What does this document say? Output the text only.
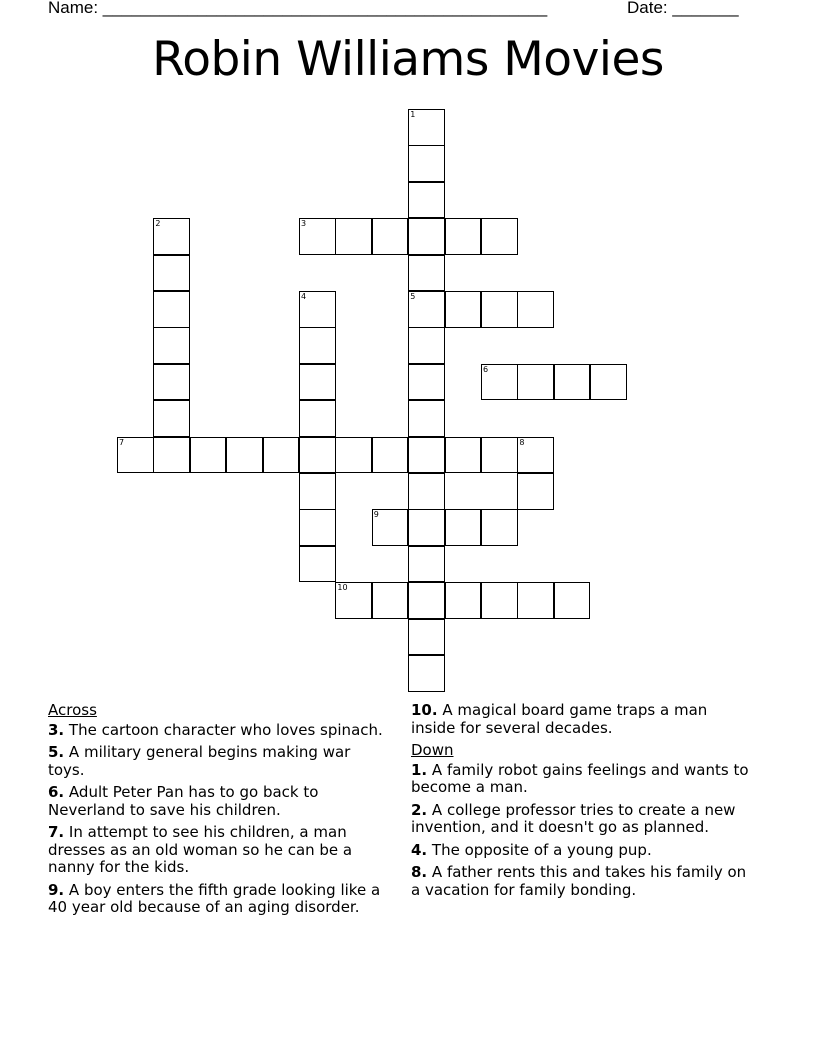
Name: _______________________________________________	Date: _______
Robin Williams Movies
1
5
2	3
4
6
7	8
9
10
Across
3. The cartoon character who loves spinach.
5. A military general begins making war toys.
6. Adult Peter Pan has to go back to Neverland to save his children.
7. In attempt to see his children, a man dresses as an old woman so he can be a nanny for the kids.
9. A boy enters the fifth grade looking like a 40 year old because of an aging disorder.
10. A magical board game traps a man inside for several decades.
Down
1. A family robot gains feelings and wants to become a man.
2. A college professor tries to create a new invention, and it doesn't go as planned.
4. The opposite of a young pup.
8. A father rents this and takes his family on a vacation for family bonding.
